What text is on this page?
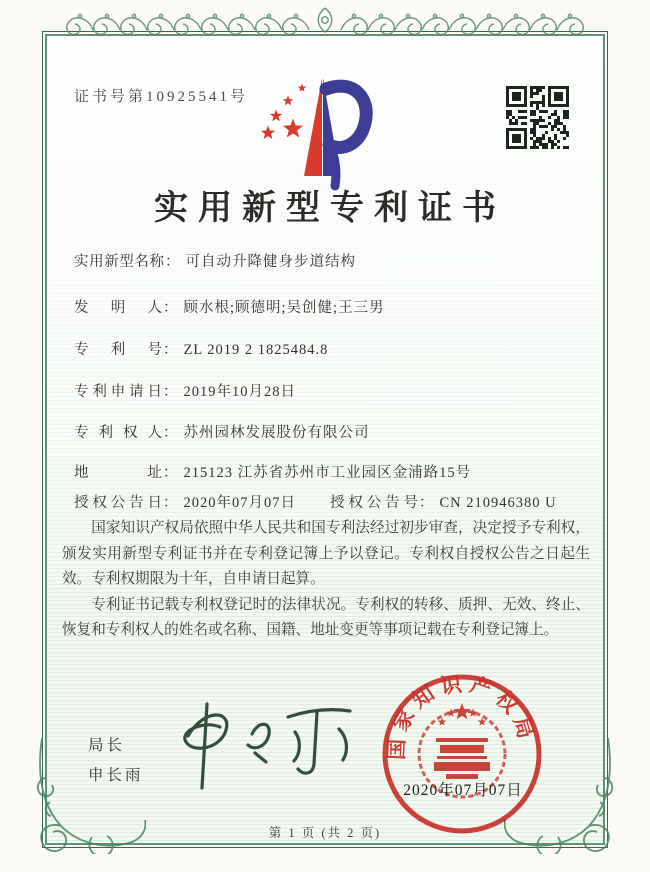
证书号第10925541号
实用新型专利证书
实用新型名称： 可自动升降健身步道结构
发明人： 顾水根;顾德明;吴创健;王三男
专利号： ZL 2019 2 1825484.8
专利申请日： 2019年10月28日
专利权人： 苏州园林发展股份有限公司
地址： 215123 江苏省苏州市工业园区金浦路15号
授权公告日： 2020年07月07日 授权公告号： CN 210946380 U

国家知识产权局依照中华人民共和国专利法经过初步审查，决定授予专利权，颁发实用新型专利证书并在专利登记簿上予以登记。专利权自授权公告之日起生效。专利权期限为十年，自申请日起算。

专利证书记载专利权登记时的法律状况。专利权的转移、质押、无效、终止、恢复和专利权人的姓名或名称、国籍、地址变更等事项记载在专利登记簿上。

局长
申长雨
国家知识产权局
2020年07月07日
第 1 页 (共 2 页)
